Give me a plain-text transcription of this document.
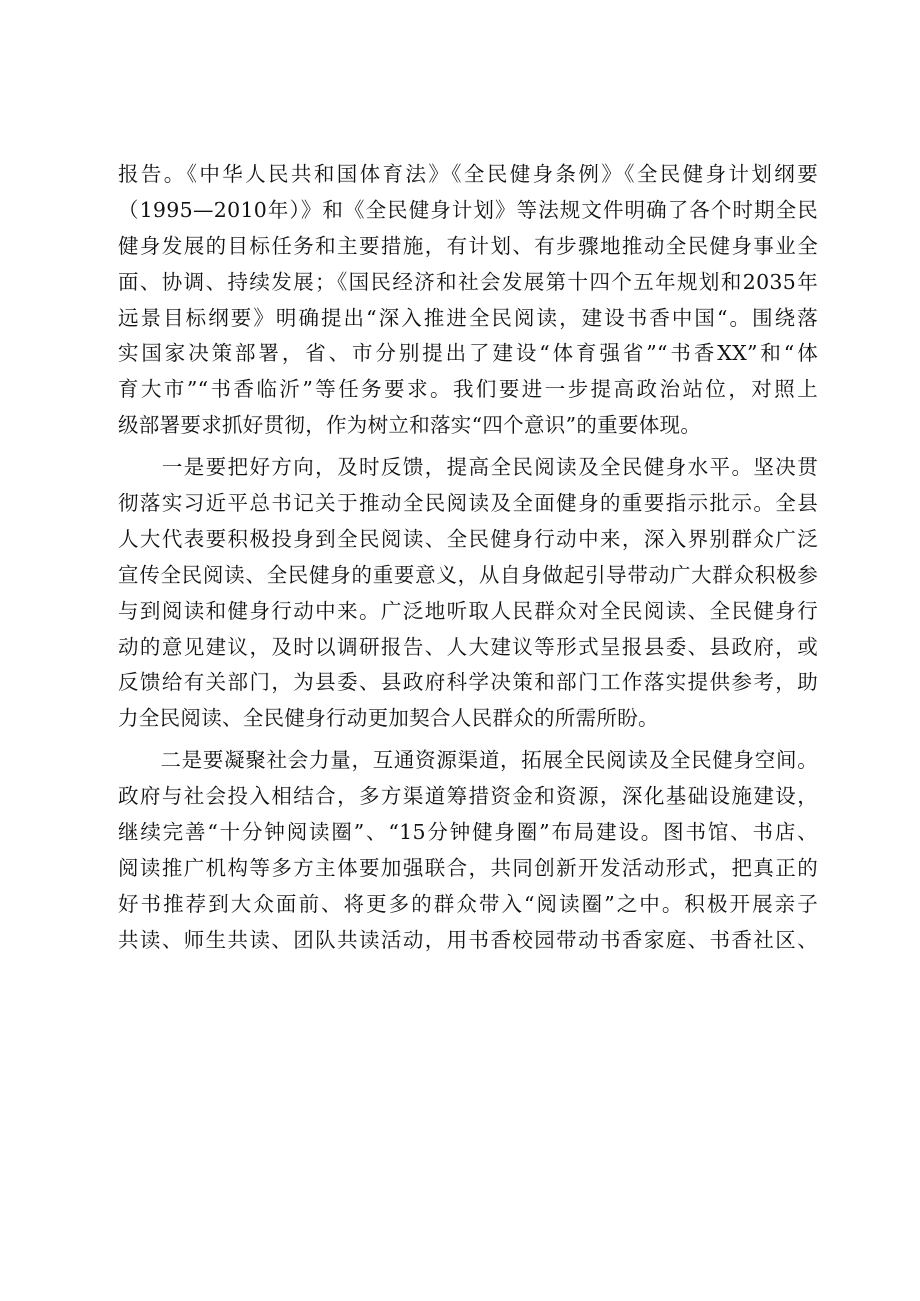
报告。《中华人民共和国体育法》《全民健身条例》《全民健身计划纲要
（1995—2010年）》和《全民健身计划》等法规文件明确了各个时期全民
健身发展的目标任务和主要措施，有计划、有步骤地推动全民健身事业全
面、协调、持续发展；《国民经济和社会发展第十四个五年规划和2035年
远景目标纲要》明确提出“深入推进全民阅读，建设书香中国“。围绕落
实国家决策部署，省、市分别提出了建设“体育强省”“书香XX”和“体
育大市”“书香临沂”等任务要求。我们要进一步提高政治站位，对照上
级部署要求抓好贯彻，作为树立和落实“四个意识”的重要体现。
　　一是要把好方向，及时反馈，提高全民阅读及全民健身水平。坚决贯
彻落实习近平总书记关于推动全民阅读及全面健身的重要指示批示。全县
人大代表要积极投身到全民阅读、全民健身行动中来，深入界别群众广泛
宣传全民阅读、全民健身的重要意义，从自身做起引导带动广大群众积极参
与到阅读和健身行动中来。广泛地听取人民群众对全民阅读、全民健身行
动的意见建议，及时以调研报告、人大建议等形式呈报县委、县政府，或
反馈给有关部门，为县委、县政府科学决策和部门工作落实提供参考，助
力全民阅读、全民健身行动更加契合人民群众的所需所盼。
　　二是要凝聚社会力量，互通资源渠道，拓展全民阅读及全民健身空间。
政府与社会投入相结合，多方渠道筹措资金和资源，深化基础设施建设，
继续完善“十分钟阅读圈”、“15分钟健身圈”布局建设。图书馆、书店、
阅读推广机构等多方主体要加强联合，共同创新开发活动形式，把真正的
好书推荐到大众面前、将更多的群众带入“阅读圈”之中。积极开展亲子
共读、师生共读、团队共读活动，用书香校园带动书香家庭、书香社区、
